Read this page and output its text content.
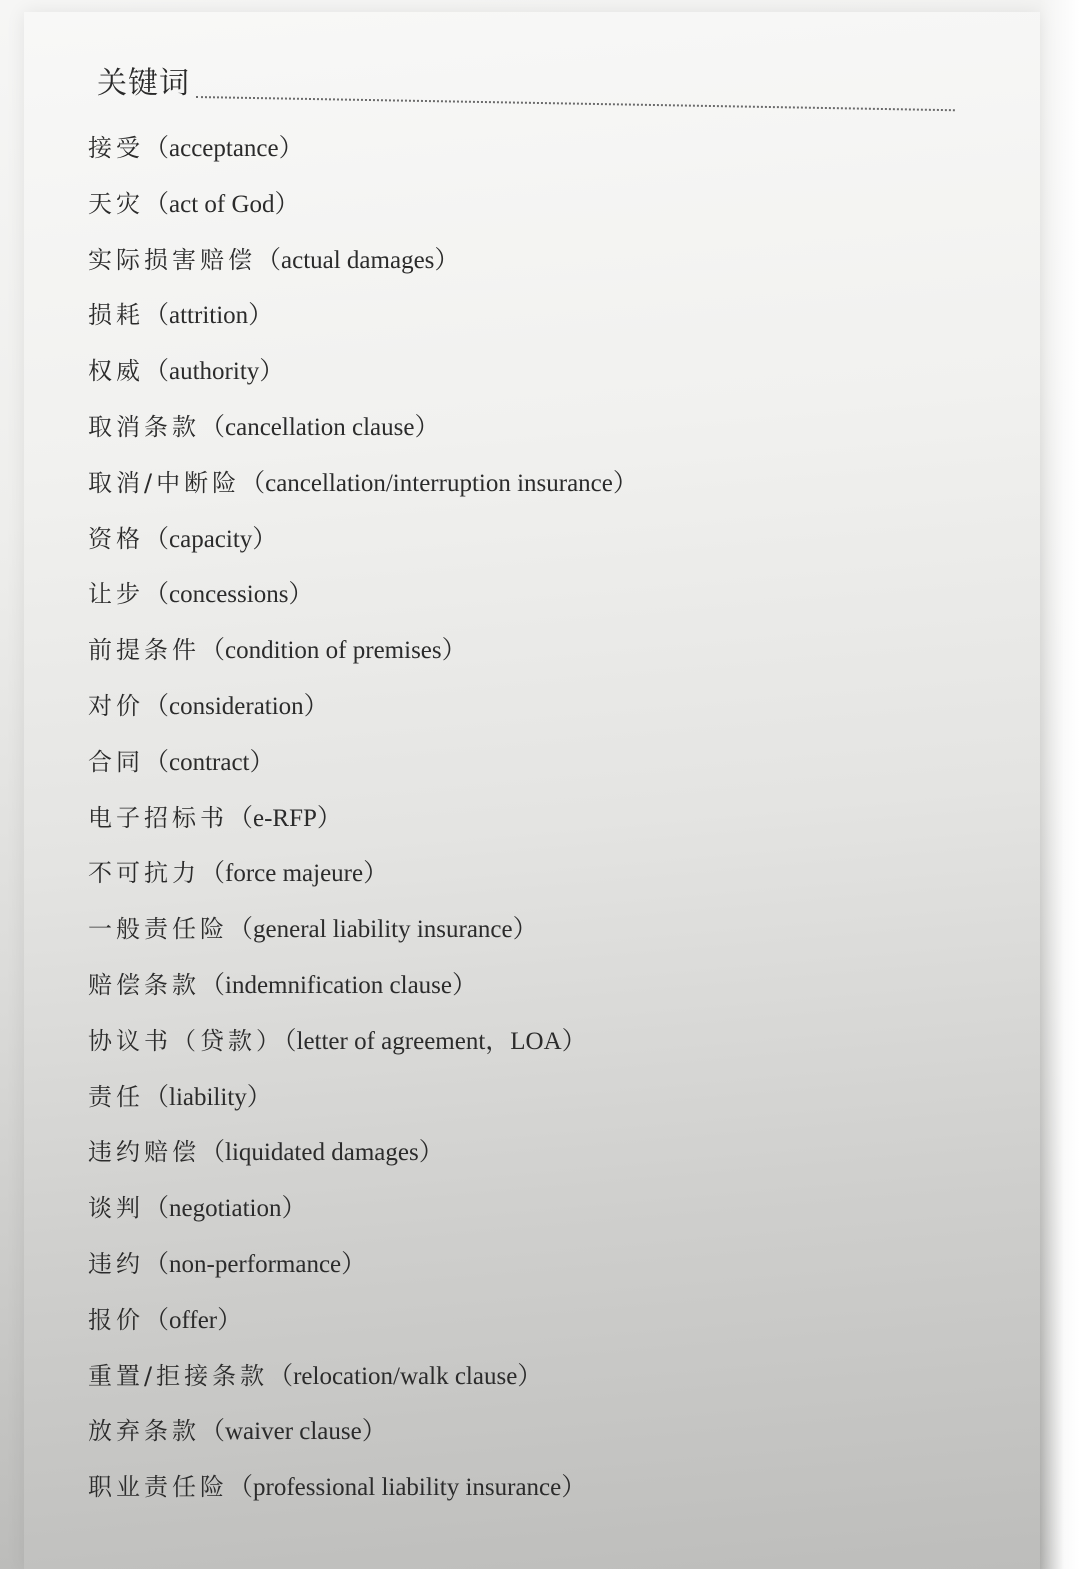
关键词
接受（acceptance）
天灾（act of God）
实际损害赔偿（actual damages）
损耗（attrition）
权威（authority）
取消条款（cancellation clause）
取消/中断险（cancellation/interruption insurance）
资格（capacity）
让步（concessions）
前提条件（condition of premises）
对价（consideration）
合同（contract）
电子招标书（e-RFP）
不可抗力（force majeure）
一般责任险（general liability insurance）
赔偿条款（indemnification clause）
协议书（贷款）（letter of agreement，LOA）
责任（liability）
违约赔偿（liquidated damages）
谈判（negotiation）
违约（non-performance）
报价（offer）
重置/拒接条款（relocation/walk clause）
放弃条款（waiver clause）
职业责任险（professional liability insurance）
